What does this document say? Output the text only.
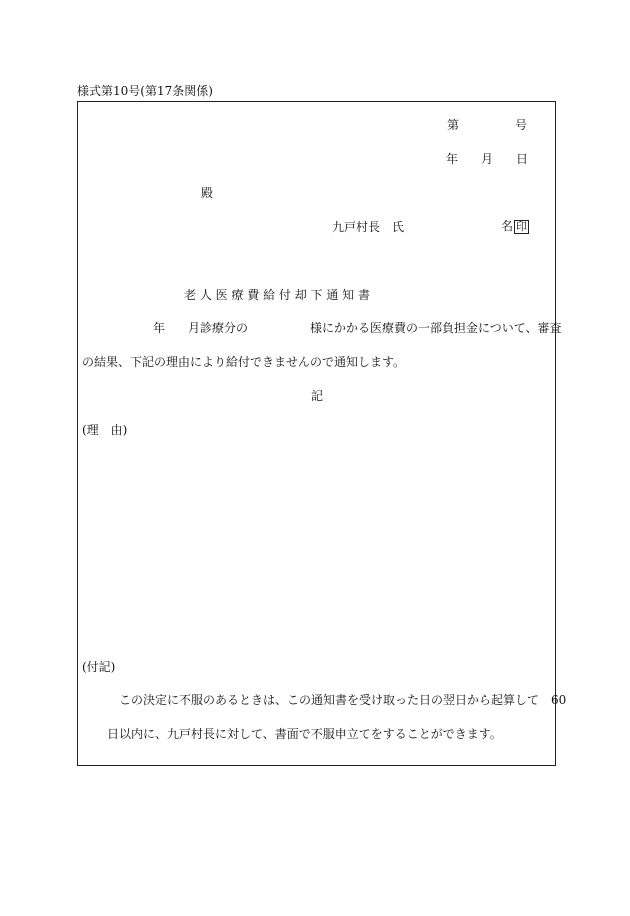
様式第10号(第17条関係)
第	号
年 月 日
殿
九戸村長　氏	名 印
老 人 医 療 費 給 付 却 下 通 知 書
年 月診療分の	様にかかる医療費の一部負担金について、審査
の結果、下記の理由により給付できませんので通知します。
記
(理　由)
(付記)
この決定に不服のあるときは、この通知書を受け取った日の翌日から起算して　60
日以内に、九戸村長に対して、書面で不服申立てをすることができます。
